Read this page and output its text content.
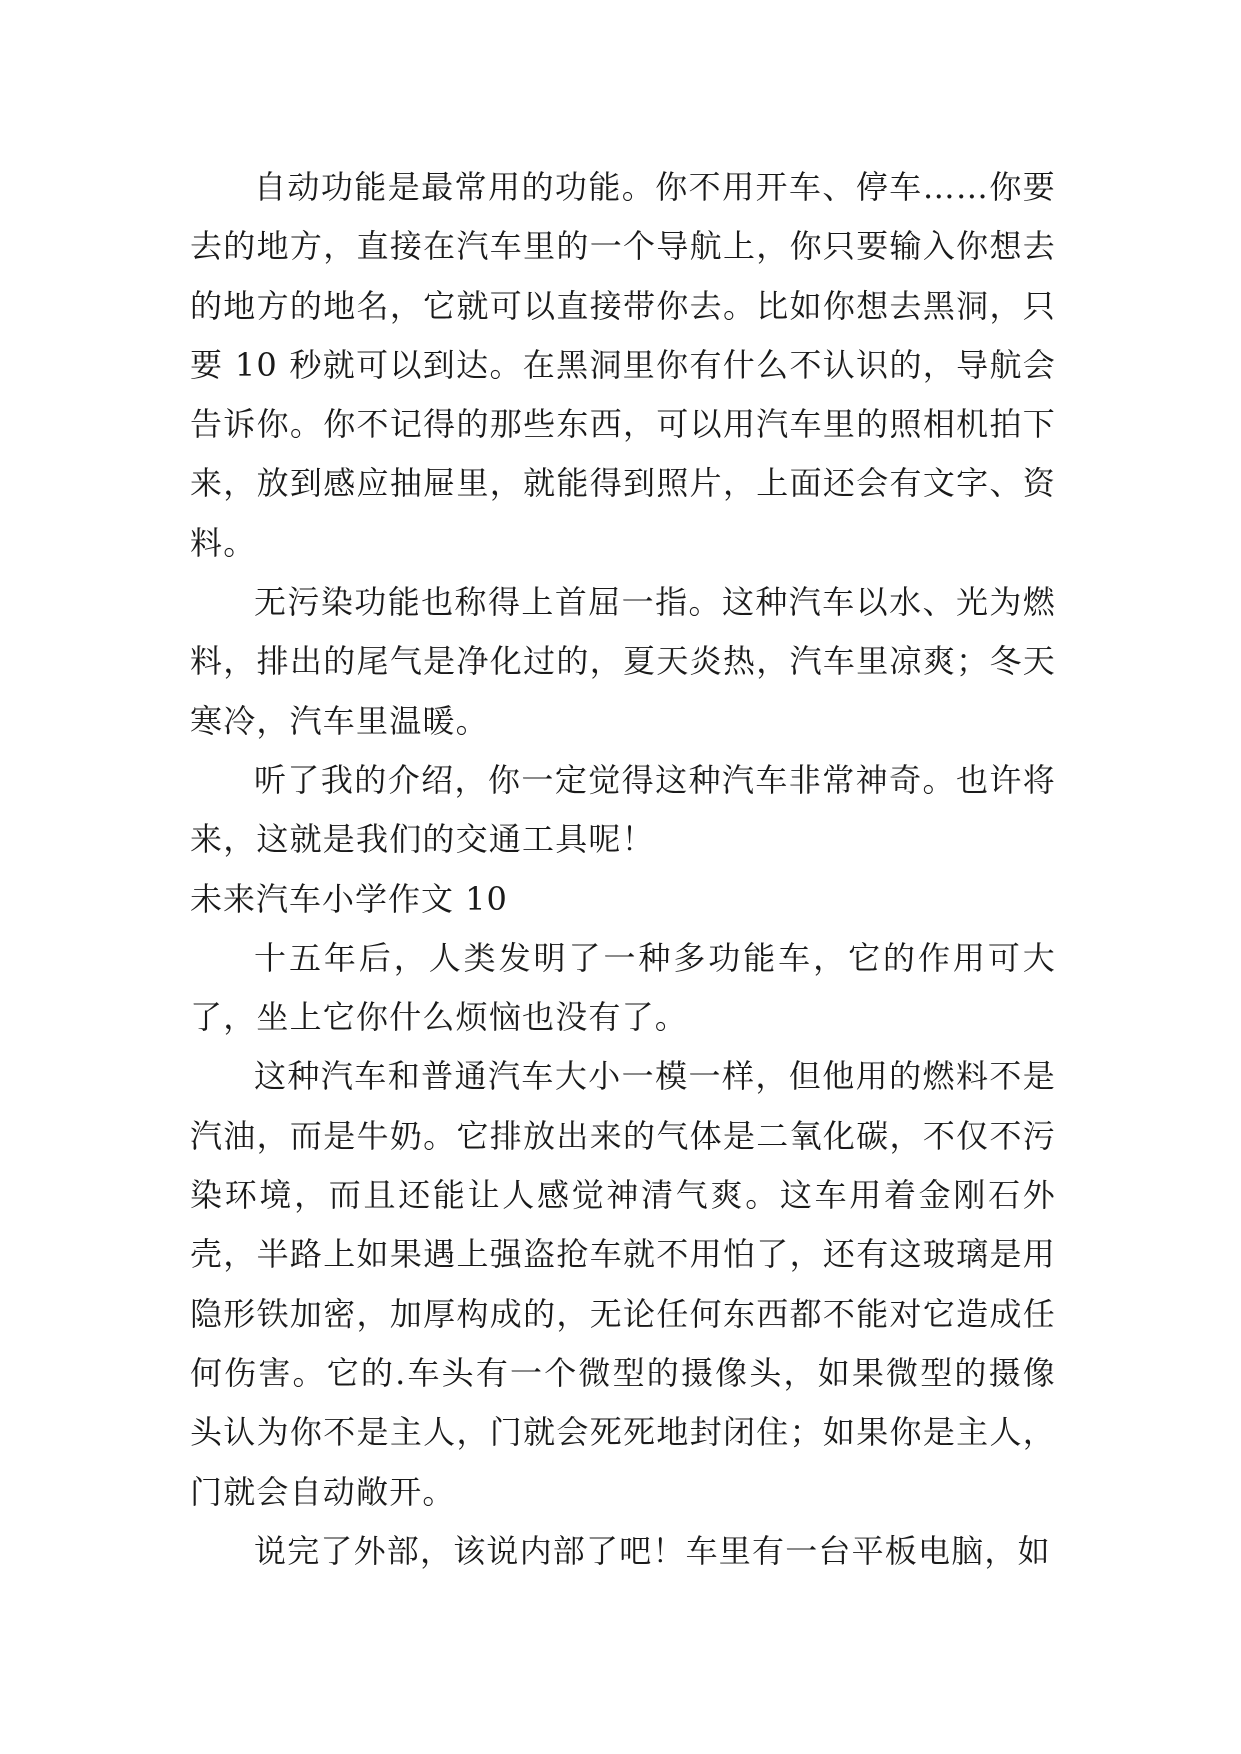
自动功能是最常用的功能。你不用开车、停车……你要去的地方，直接在汽车里的一个导航上，你只要输入你想去的地方的地名，它就可以直接带你去。比如你想去黑洞，只要 10 秒就可以到达。在黑洞里你有什么不认识的，导航会告诉你。你不记得的那些东西，可以用汽车里的照相机拍下来，放到感应抽屉里，就能得到照片，上面还会有文字、资料。

无污染功能也称得上首屈一指。这种汽车以水、光为燃料，排出的尾气是净化过的，夏天炎热，汽车里凉爽；冬天寒冷，汽车里温暖。

听了我的介绍，你一定觉得这种汽车非常神奇。也许将来，这就是我们的交通工具呢！

未来汽车小学作文 10

十五年后，人类发明了一种多功能车，它的作用可大了，坐上它你什么烦恼也没有了。

这种汽车和普通汽车大小一模一样，但他用的燃料不是汽油，而是牛奶。它排放出来的气体是二氧化碳，不仅不污染环境，而且还能让人感觉神清气爽。这车用着金刚石外壳，半路上如果遇上强盗抢车就不用怕了，还有这玻璃是用隐形铁加密，加厚构成的，无论任何东西都不能对它造成任何伤害。它的.车头有一个微型的摄像头，如果微型的摄像头认为你不是主人，门就会死死地封闭住；如果你是主人，门就会自动敞开。

说完了外部，该说内部了吧！车里有一台平板电脑，如
